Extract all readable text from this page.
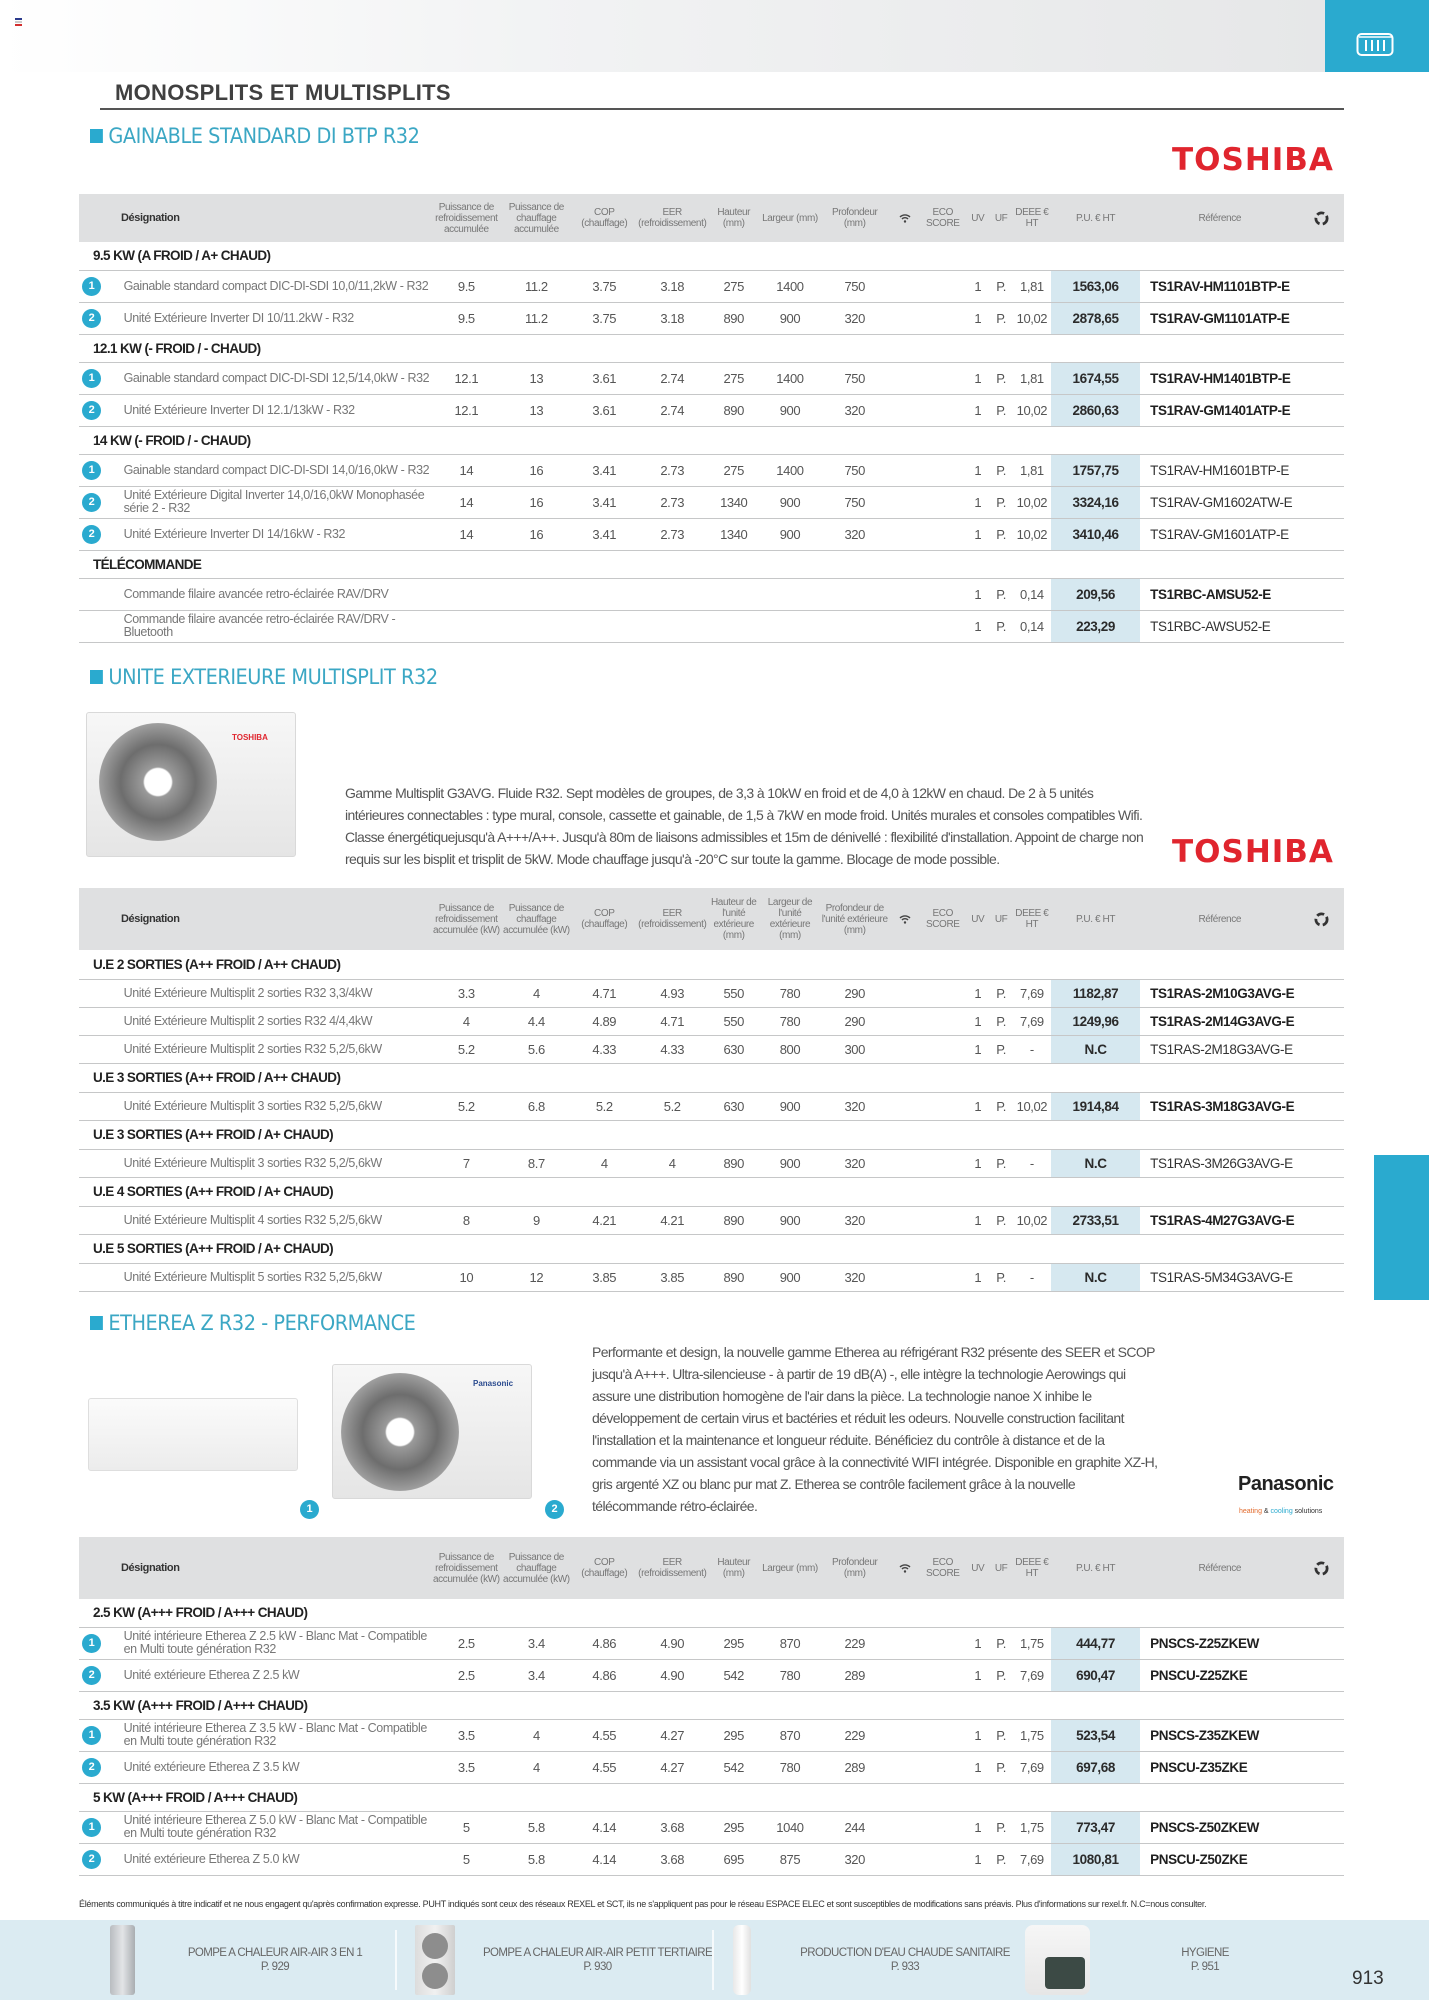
MONOSPLITS ET MULTISPLITS
GAINABLE STANDARD DI BTP R32
TOSHIBA
Désignation		Puissance de refroidissement accumulée	Puissance de chauffage accumulée	COP (chauffage)	EER (refroidissement)	Hauteur (mm)	Largeur (mm)	Profondeur (mm)		ECO SCORE	UV	UF	DEEE € HT	P.U. € HT	Référence	
9.5 KW (A FROID / A+ CHAUD)																
1	Gainable standard compact DIC-DI-SDI 10,0/11,2kW - R32	9.5	11.2	3.75	3.18	275	1400	750			1	P.	1,81	1563,06	TS1RAV-HM1101BTP-E	
2	Unité Extérieure Inverter DI 10/11.2kW - R32	9.5	11.2	3.75	3.18	890	900	320			1	P.	10,02	2878,65	TS1RAV-GM1101ATP-E	
12.1 KW (- FROID / - CHAUD)																
1	Gainable standard compact DIC-DI-SDI 12,5/14,0kW - R32	12.1	13	3.61	2.74	275	1400	750			1	P.	1,81	1674,55	TS1RAV-HM1401BTP-E	
2	Unité Extérieure Inverter DI 12.1/13kW - R32	12.1	13	3.61	2.74	890	900	320			1	P.	10,02	2860,63	TS1RAV-GM1401ATP-E	
14 KW (- FROID / - CHAUD)																
1	Gainable standard compact DIC-DI-SDI 14,0/16,0kW - R32	14	16	3.41	2.73	275	1400	750			1	P.	1,81	1757,75	TS1RAV-HM1601BTP-E	
2	Unité Extérieure Digital Inverter 14,0/16,0kW Monophasée série 2 - R32	14	16	3.41	2.73	1340	900	750			1	P.	10,02	3324,16	TS1RAV-GM1602ATW-E	
2	Unité Extérieure Inverter DI 14/16kW - R32	14	16	3.41	2.73	1340	900	320			1	P.	10,02	3410,46	TS1RAV-GM1601ATP-E	
TÉLÉCOMMANDE																
	Commande filaire avancée retro-éclairée RAV/DRV										1	P.	0,14	209,56	TS1RBC-AMSU52-E	
	Commande filaire avancée retro-éclairée RAV/DRV - Bluetooth										1	P.	0,14	223,29	TS1RBC-AWSU52-E	
UNITE EXTERIEURE MULTISPLIT R32
TOSHIBA
Gamme Multisplit G3AVG. Fluide R32. Sept modèles de groupes, de 3,3 à 10kW en froid et de 4,0 à 12kW en chaud. De 2 à 5 unités intérieures connectables : type mural, console, cassette et gainable, de 1,5 à 7kW en mode froid. Unités murales et consoles compatibles Wifi. Classe énergétiquejusqu'à A+++/A++. Jusqu'à 80m de liaisons admissibles et 15m de dénivellé : flexibilité d'installation. Appoint de charge non requis sur les bisplit et trisplit de 5kW. Mode chauffage jusqu'à -20°C sur toute la gamme. Blocage de mode possible.	TOSHIBA
Désignation		Puissance de refroidissement accumulée (kW)	Puissance de chauffage accumulée (kW)	COP (chauffage)	EER (refroidissement)	Hauteur de l'unité extérieure (mm)	Largeur de l'unité extérieure (mm)	Profondeur de l'unité extérieure (mm)		ECO SCORE	UV	UF	DEEE € HT	P.U. € HT	Référence	
U.E 2 SORTIES (A++ FROID / A++ CHAUD)																
	Unité Extérieure Multisplit 2 sorties R32 3,3/4kW	3.3	4	4.71	4.93	550	780	290			1	P.	7,69	1182,87	TS1RAS-2M10G3AVG-E	
	Unité Extérieure Multisplit 2 sorties R32 4/4,4kW	4	4.4	4.89	4.71	550	780	290			1	P.	7,69	1249,96	TS1RAS-2M14G3AVG-E	
	Unité Extérieure Multisplit 2 sorties R32 5,2/5,6kW	5.2	5.6	4.33	4.33	630	800	300			1	P.	-	N.C	TS1RAS-2M18G3AVG-E	
U.E 3 SORTIES (A++ FROID / A++ CHAUD)																
	Unité Extérieure Multisplit 3 sorties R32 5,2/5,6kW	5.2	6.8	5.2	5.2	630	900	320			1	P.	10,02	1914,84	TS1RAS-3M18G3AVG-E	
U.E 3 SORTIES (A++ FROID / A+ CHAUD)																
	Unité Extérieure Multisplit 3 sorties R32 5,2/5,6kW	7	8.7	4	4	890	900	320			1	P.	-	N.C	TS1RAS-3M26G3AVG-E	
U.E 4 SORTIES (A++ FROID / A+ CHAUD)																
	Unité Extérieure Multisplit 4 sorties R32 5,2/5,6kW	8	9	4.21	4.21	890	900	320			1	P.	10,02	2733,51	TS1RAS-4M27G3AVG-E	
U.E 5 SORTIES (A++ FROID / A+ CHAUD)																
	Unité Extérieure Multisplit 5 sorties R32 5,2/5,6kW	10	12	3.85	3.85	890	900	320			1	P.	-	N.C	TS1RAS-5M34G3AVG-E	
ETHEREA Z R32 - PERFORMANCE
Panasonic
1	2
Performante et design, la nouvelle gamme Etherea au réfrigérant R32 présente des SEER et SCOP jusqu'à A+++. Ultra-silencieuse - à partir de 19 dB(A) -, elle intègre la technologie Aerowings qui assure une distribution homogène de l'air dans la pièce. La technologie nanoe X inhibe le développement de certain virus et bactéries et réduit les odeurs. Nouvelle construction facilitant l'installation et la maintenance et longueur réduite. Bénéficiez du contrôle à distance et de la commande via un assistant vocal grâce à la connectivité WIFI intégrée. Disponible en graphite XZ-H, gris argenté XZ ou blanc pur mat Z. Etherea se contrôle facilement grâce à la nouvelle télécommande rétro-éclairée.
Panasonic
heating & cooling solutions
Désignation		Puissance de refroidissement accumulée (kW)	Puissance de chauffage accumulée (kW)	COP (chauffage)	EER (refroidissement)	Hauteur (mm)	Largeur (mm)	Profondeur (mm)		ECO SCORE	UV	UF	DEEE € HT	P.U. € HT	Référence	
2.5 KW (A+++ FROID / A+++ CHAUD)																
1	Unité intérieure Etherea Z 2.5 kW - Blanc Mat - Compatible en Multi toute génération R32	2.5	3.4	4.86	4.90	295	870	229			1	P.	1,75	444,77	PNSCS-Z25ZKEW	
2	Unité extérieure Etherea Z 2.5 kW	2.5	3.4	4.86	4.90	542	780	289			1	P.	7,69	690,47	PNSCU-Z25ZKE	
3.5 KW (A+++ FROID / A+++ CHAUD)																
1	Unité intérieure Etherea Z 3.5 kW - Blanc Mat - Compatible en Multi toute génération R32	3.5	4	4.55	4.27	295	870	229			1	P.	1,75	523,54	PNSCS-Z35ZKEW	
2	Unité extérieure Etherea Z 3.5 kW	3.5	4	4.55	4.27	542	780	289			1	P.	7,69	697,68	PNSCU-Z35ZKE	
5 KW (A+++ FROID / A+++ CHAUD)																
1	Unité intérieure Etherea Z 5.0 kW - Blanc Mat - Compatible en Multi toute génération R32	5	5.8	4.14	3.68	295	1040	244			1	P.	1,75	773,47	PNSCS-Z50ZKEW	
2	Unité extérieure Etherea Z 5.0 kW	5	5.8	4.14	3.68	695	875	320			1	P.	7,69	1080,81	PNSCU-Z50ZKE	
Éléments communiqués à titre indicatif et ne nous engagent qu'après confirmation expresse. PUHT indiqués sont ceux des réseaux REXEL et SCT, ils ne s'appliquent pas pour le réseau ESPACE ELEC et sont susceptibles de modifications sans préavis. Plus d'informations sur rexel.fr. N.C=nous consulter.
POMPE A CHALEUR AIR-AIR 3 EN 1
P. 929
POMPE A CHALEUR AIR-AIR PETIT TERTIAIRE
P. 930
PRODUCTION D'EAU CHAUDE SANITAIRE
P. 933
HYGIENE
P. 951
913
